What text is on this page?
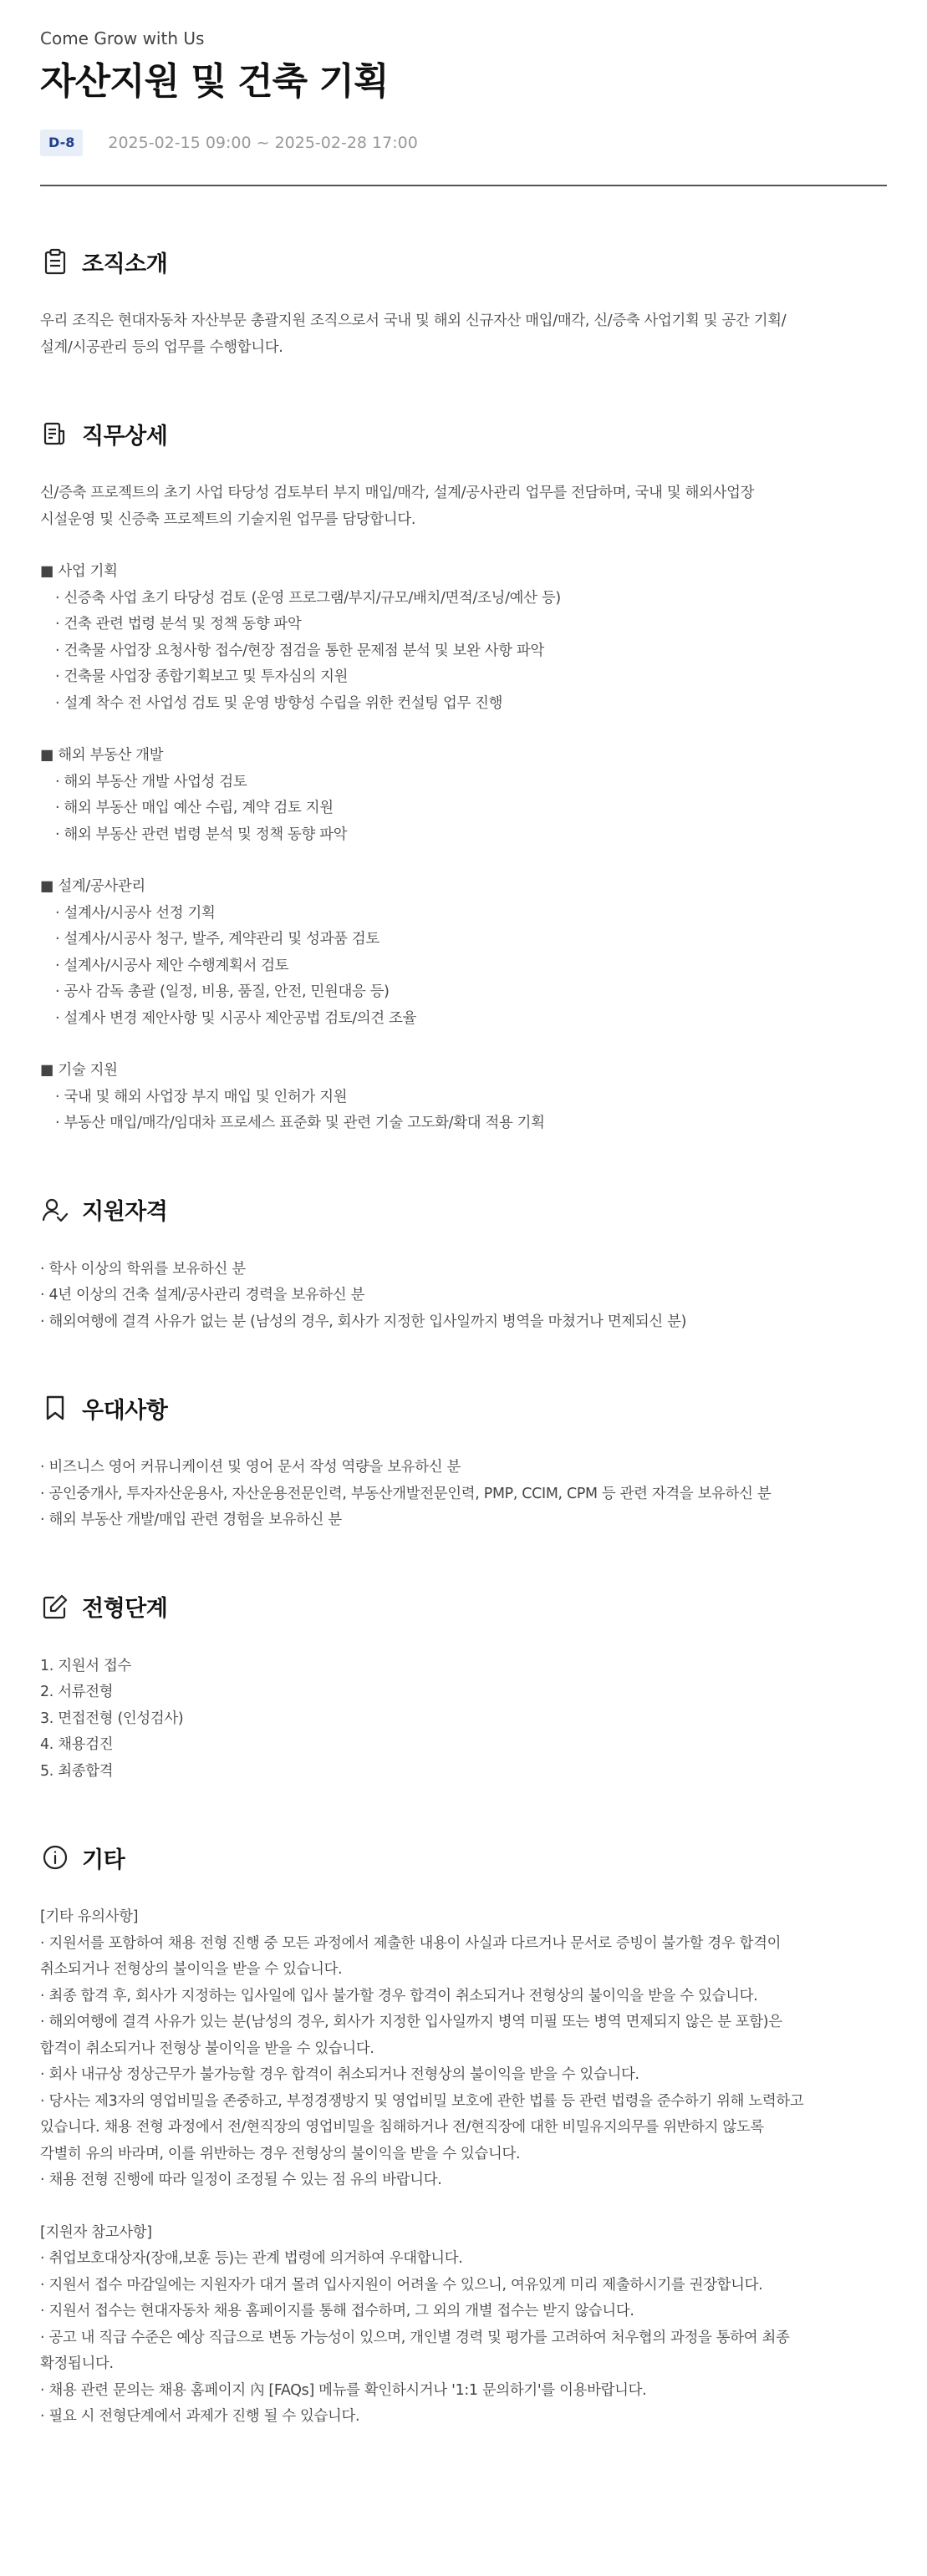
Come Grow with Us
자산지원 및 건축 기획
D-8	2025-02-15 09:00 ~ 2025-02-28 17:00
조직소개
우리 조직은 현대자동차 자산부문 총괄지원 조직으로서 국내 및 해외 신규자산 매입/매각, 신/증축 사업기획 및 공간 기획/
설계/시공관리 등의 업무를 수행합니다.
직무상세
신/증축 프로젝트의 초기 사업 타당성 검토부터 부지 매입/매각, 설계/공사관리 업무를 전담하며, 국내 및 해외사업장
시설운영 및 신증축 프로젝트의 기술지원 업무를 담당합니다.
■ 사업 기획
· 신증축 사업 초기 타당성 검토 (운영 프로그램/부지/규모/배치/면적/조닝/예산 등)
· 건축 관련 법령 분석 및 정책 동향 파악
· 건축물 사업장 요청사항 접수/현장 점검을 통한 문제점 분석 및 보완 사항 파악
· 건축물 사업장 종합기획보고 및 투자심의 지원
· 설계 착수 전 사업성 검토 및 운영 방향성 수립을 위한 컨설팅 업무 진행
■ 해외 부동산 개발
· 해외 부동산 개발 사업성 검토
· 해외 부동산 매입 예산 수립, 계약 검토 지원
· 해외 부동산 관련 법령 분석 및 정책 동향 파악
■ 설계/공사관리
· 설계사/시공사 선정 기획
· 설계사/시공사 청구, 발주, 계약관리 및 성과품 검토
· 설계사/시공사 제안 수행계획서 검토
· 공사 감독 총괄 (일정, 비용, 품질, 안전, 민원대응 등)
· 설계사 변경 제안사항 및 시공사 제안공법 검토/의견 조율
■ 기술 지원
· 국내 및 해외 사업장 부지 매입 및 인허가 지원
· 부동산 매입/매각/임대차 프로세스 표준화 및 관련 기술 고도화/확대 적용 기획
지원자격
· 학사 이상의 학위를 보유하신 분
· 4년 이상의 건축 설계/공사관리 경력을 보유하신 분
· 해외여행에 결격 사유가 없는 분 (남성의 경우, 회사가 지정한 입사일까지 병역을 마쳤거나 면제되신 분)
우대사항
· 비즈니스 영어 커뮤니케이션 및 영어 문서 작성 역량을 보유하신 분
· 공인중개사, 투자자산운용사, 자산운용전문인력, 부동산개발전문인력, PMP, CCIM, CPM 등 관련 자격을 보유하신 분
· 해외 부동산 개발/매입 관련 경험을 보유하신 분
전형단계
1. 지원서 접수
2. 서류전형
3. 면접전형 (인성검사)
4. 채용검진
5. 최종합격
기타
[기타 유의사항]
· 지원서를 포함하여 채용 전형 진행 중 모든 과정에서 제출한 내용이 사실과 다르거나 문서로 증빙이 불가할 경우 합격이
취소되거나 전형상의 불이익을 받을 수 있습니다.
· 최종 합격 후, 회사가 지정하는 입사일에 입사 불가할 경우 합격이 취소되거나 전형상의 불이익을 받을 수 있습니다.
· 해외여행에 결격 사유가 있는 분(남성의 경우, 회사가 지정한 입사일까지 병역 미필 또는 병역 면제되지 않은 분 포함)은
합격이 취소되거나 전형상 불이익을 받을 수 있습니다.
· 회사 내규상 정상근무가 불가능할 경우 합격이 취소되거나 전형상의 불이익을 받을 수 있습니다.
· 당사는 제3자의 영업비밀을 존중하고, 부정경쟁방지 및 영업비밀 보호에 관한 법률 등 관련 법령을 준수하기 위해 노력하고
있습니다. 채용 전형 과정에서 전/현직장의 영업비밀을 침해하거나 전/현직장에 대한 비밀유지의무를 위반하지 않도록
각별히 유의 바라며, 이를 위반하는 경우 전형상의 불이익을 받을 수 있습니다.
· 채용 전형 진행에 따라 일정이 조정될 수 있는 점 유의 바랍니다.
[지원자 참고사항]
· 취업보호대상자(장애,보훈 등)는 관계 법령에 의거하여 우대합니다.
· 지원서 접수 마감일에는 지원자가 대거 몰려 입사지원이 어려울 수 있으니, 여유있게 미리 제출하시기를 권장합니다.
· 지원서 접수는 현대자동차 채용 홈페이지를 통해 접수하며, 그 외의 개별 접수는 받지 않습니다.
· 공고 내 직급 수준은 예상 직급으로 변동 가능성이 있으며, 개인별 경력 및 평가를 고려하여 처우협의 과정을 통하여 최종
확정됩니다.
· 채용 관련 문의는 채용 홈페이지 內 [FAQs] 메뉴를 확인하시거나 '1:1 문의하기'를 이용바랍니다.
· 필요 시 전형단계에서 과제가 진행 될 수 있습니다.
